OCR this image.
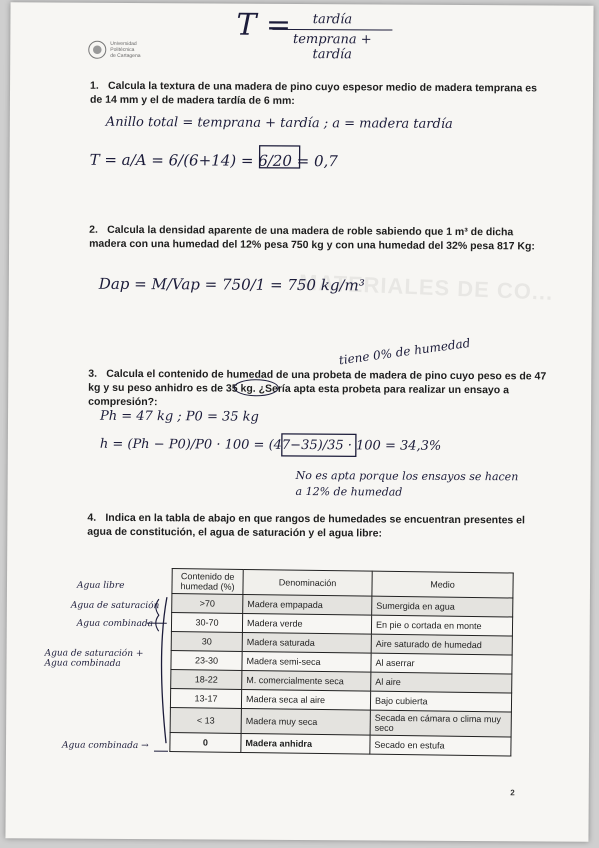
MATERIALES DE CO...
Universidad
Politécnica
de Cartagena
T =	tardía
temprana + tardía
1. Calcula la textura de una madera de pino cuyo espesor medio de madera temprana es de 14 mm y el de madera tardía de 6 mm:
Anillo total = temprana + tardía ; a = madera tardía
T = a/A = 6/(6+14) = 6/20 = 0,7
2. Calcula la densidad aparente de una madera de roble sabiendo que 1 m³ de dicha madera con una humedad del 12% pesa 750 kg y con una humedad del 32% pesa 817 Kg:
Dap = M/Vap = 750/1 = 750 kg/m³
tiene 0% de humedad
3. Calcula el contenido de humedad de una probeta de madera de pino cuyo peso es de 47 kg y su peso anhidro es de 35 kg. ¿Sería apta esta probeta para realizar un ensayo a compresión?:
Ph = 47 kg ; P0 = 35 kg
h = (Ph − P0)/P0 · 100 = (47−35)/35 · 100 = 34,3%
No es apta porque los ensayos se hacen a 12% de humedad
4. Indica en la tabla de abajo en que rangos de humedades se encuentran presentes el agua de constitución, el agua de saturación y el agua libre:
Contenido de humedad (%)	Denominación	Medio
>70	Madera empapada	Sumergida en agua
30-70	Madera verde	En pie o cortada en monte
30	Madera saturada	Aire saturado de humedad
23-30	Madera semi-seca	Al aserrar
18-22	M. comercialmente seca	Al aire
13-17	Madera seca al aire	Bajo cubierta
< 13	Madera muy seca	Secada en cámara o clima muy seco
0	Madera anhidra	Secado en estufa
Agua libre
Agua de saturación
Agua combinada
Agua de saturación + Agua combinada
Agua combinada →
2
